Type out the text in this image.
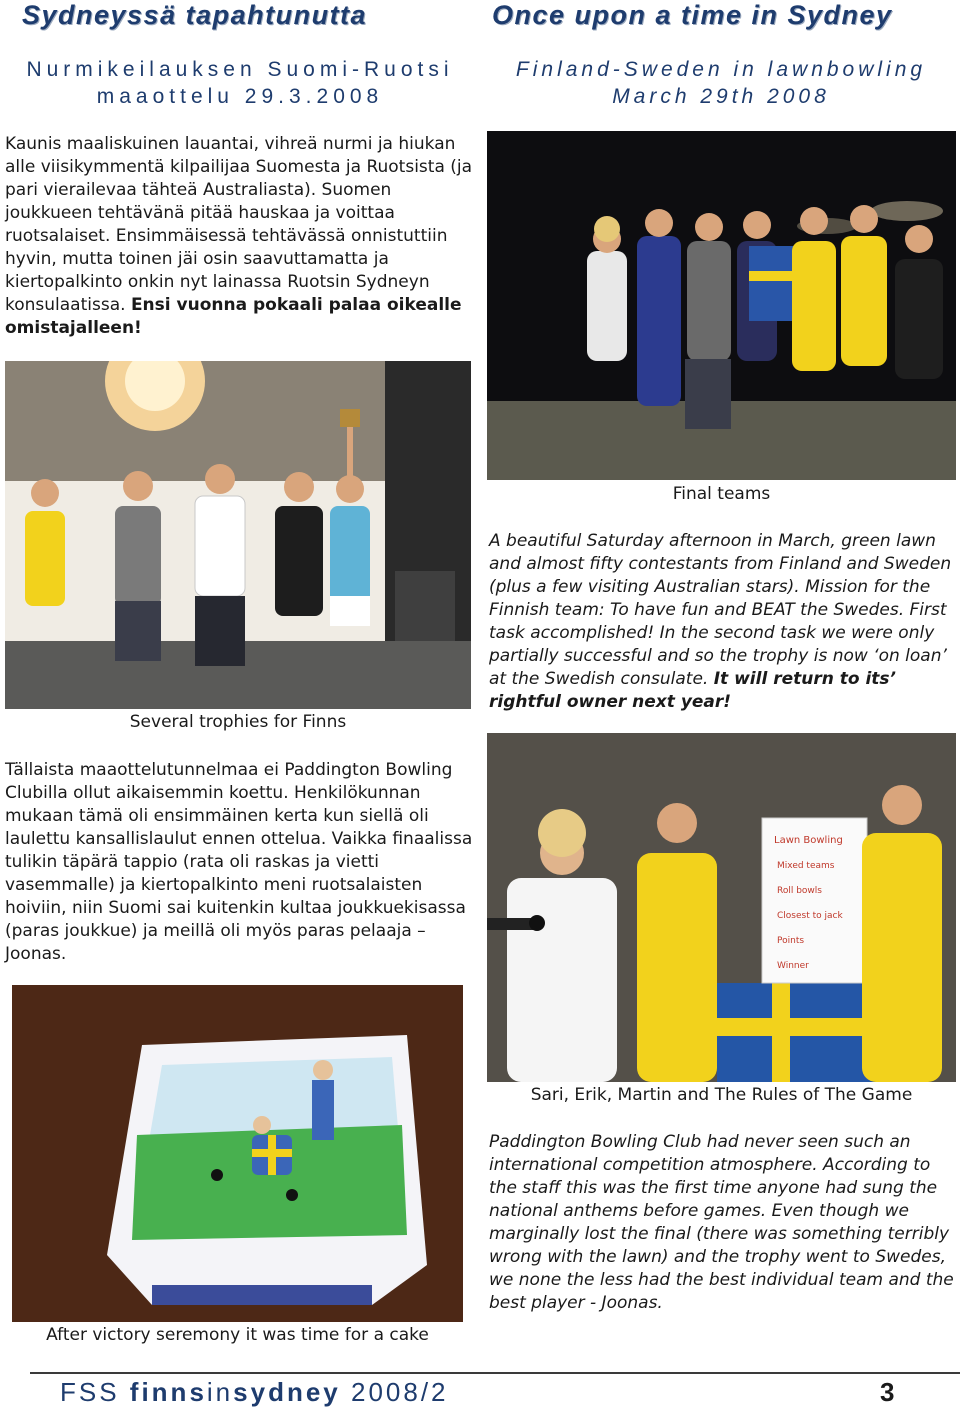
Sydneyssä tapahtunutta	Once upon a time in Sydney
Nurmikeilauksen Suomi-Ruotsi
maaottelu 29.3.2008
Finland-Sweden in lawnbowling
March 29th 2008
Kaunis maaliskuinen lauantai, vihreä nurmi ja hiukan alle viisikymmentä kilpailijaa Suomesta ja Ruotsista (ja pari vierailevaa tähteä Australiasta). Suomen joukkueen tehtävänä pitää hauskaa ja voittaa ruotsalaiset. Ensimmäisessä tehtävässä onnistuttiin hyvin, mutta toinen jäi osin saavuttamatta ja kiertopalkinto onkin nyt lainassa Ruotsin Sydneyn konsulaatissa. Ensi vuonna pokaali palaa oikealle omistajalleen!
Final teams
Several trophies for Finns
A beautiful Saturday afternoon in March, green lawn and almost fifty contestants from Finland and Sweden (plus a few visiting Australian stars). Mission for the Finnish team: To have fun and BEAT the Swedes. First task accomplished! In the second task we were only partially successful and so the trophy is now ‘on loan’ at the Swedish consulate. It will return to its’ rightful owner next year!
Tällaista maaottelutunnelmaa ei Paddington Bowling Clubilla ollut aikaisemmin koettu. Henkilökunnan mukaan tämä oli ensimmäinen kerta kun siellä oli laulettu kansallislaulut ennen ottelua. Vaikka finaalissa tulikin täpärä tappio (rata oli raskas ja vietti vasemmalle) ja kiertopalkinto meni ruotsalaisten hoiviin, niin Suomi sai kuitenkin kultaa joukkuekisassa (paras joukkue) ja meillä oli myös paras pelaaja – Joonas.
Lawn Bowling
Mixed teams
Roll bowls
Closest to jack
Points
Winner
Sari, Erik, Martin and The Rules of The Game
After victory seremony it was time for a cake
Paddington Bowling Club had never seen such an international competition atmosphere. According to the staff this was the first time anyone had sung the national anthems before games. Even though we marginally lost the final (there was something terribly wrong with the lawn) and the trophy went to Swedes, we none the less had the best individual team and the best player - Joonas.
FSS finnsinsydney 2008/2	3
